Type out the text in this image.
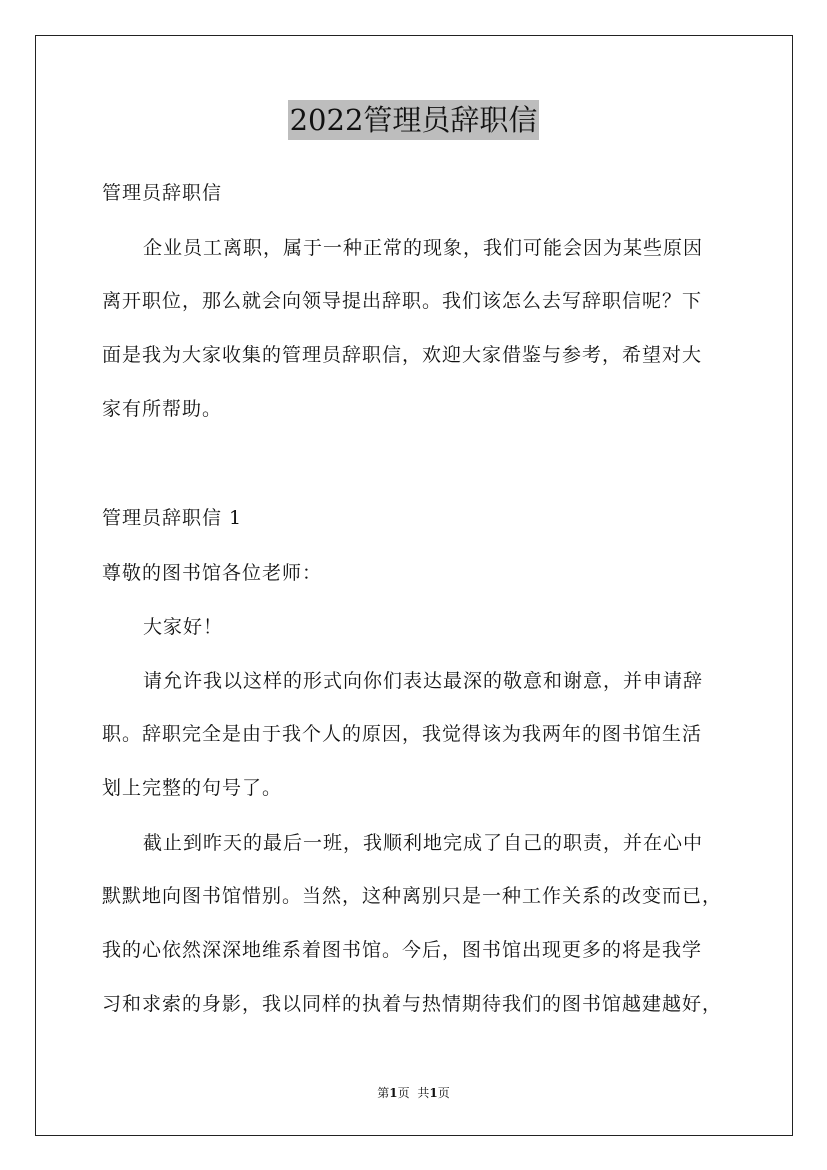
2022管理员辞职信
管理员辞职信
企业员工离职，属于一种正常的现象，我们可能会因为某些原因
离开职位，那么就会向领导提出辞职。我们该怎么去写辞职信呢？下
面是我为大家收集的管理员辞职信，欢迎大家借鉴与参考，希望对大
家有所帮助。
管理员辞职信 1
尊敬的图书馆各位老师：
大家好！
请允许我以这样的形式向你们表达最深的敬意和谢意，并申请辞
职。辞职完全是由于我个人的原因，我觉得该为我两年的图书馆生活
划上完整的句号了。
截止到昨天的最后一班，我顺利地完成了自己的职责，并在心中
默默地向图书馆惜别。当然，这种离别只是一种工作关系的改变而已，
我的心依然深深地维系着图书馆。今后，图书馆出现更多的将是我学
习和求索的身影，我以同样的执着与热情期待我们的图书馆越建越好，
第1页 共1页
